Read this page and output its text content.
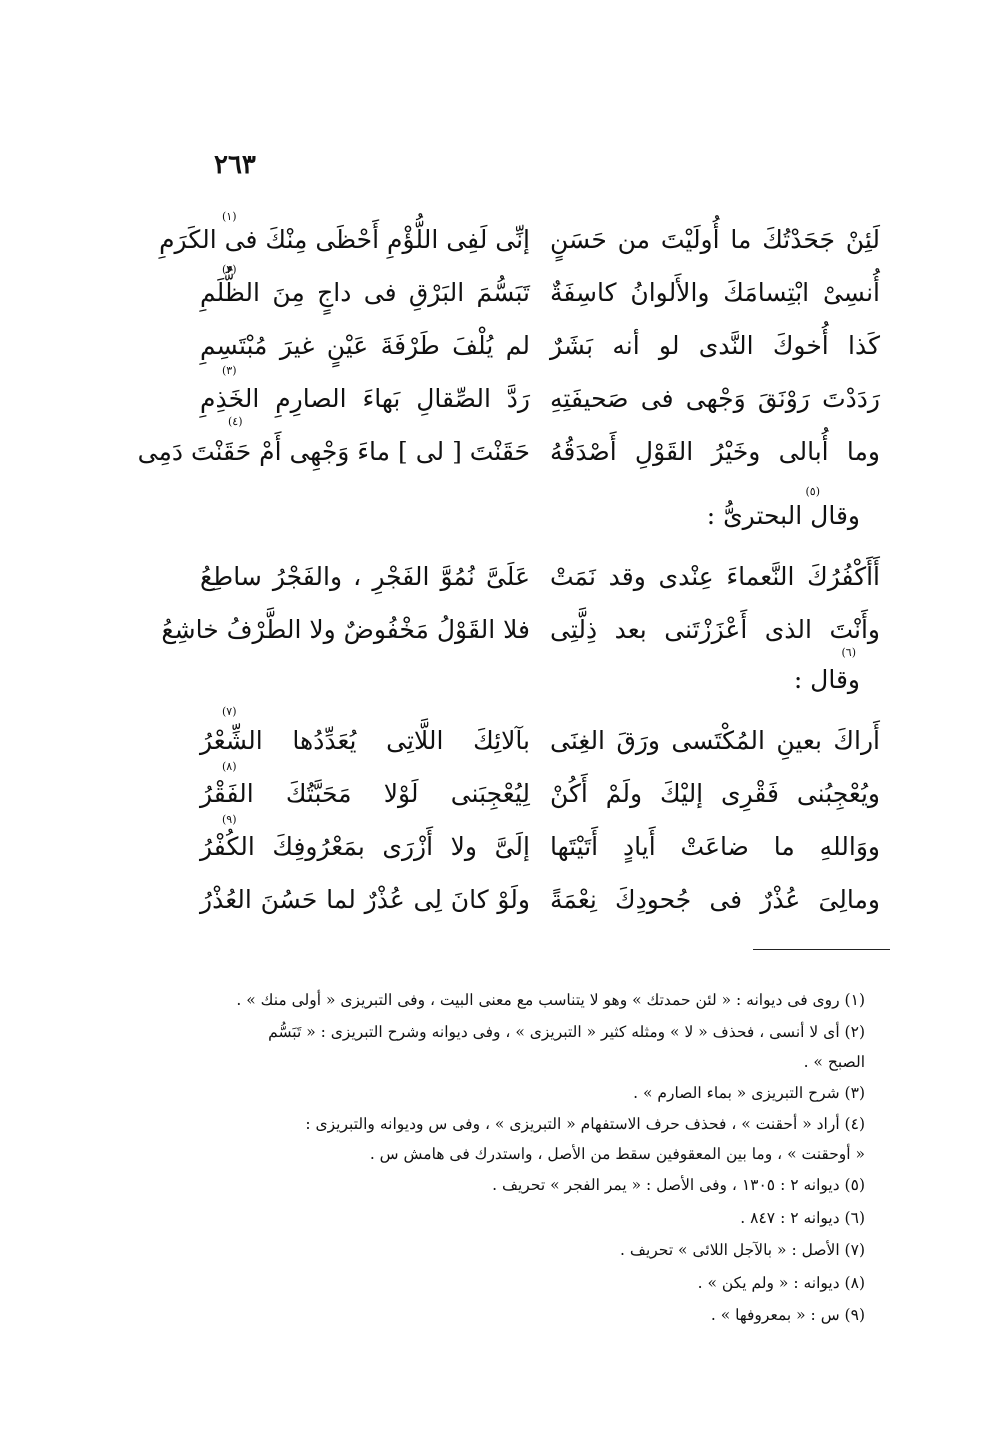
٢٦٣
لَئِنْ جَحَدْتُكَ ما أُولَيْتَ من حَسَنٍ
إنِّى لَفِى اللُّؤْمِ أَحْظَى مِنْكَ فى الكَرَمِ
(١)
أُنسِىْ ابْتِسامَكَ والأَلوانُ كاسِفَةٌ
تَبَسُّمَ البَرْقِ فى داجٍ مِنَ الظُّلَمِ
(٢)
كَذا أُخوكَ النَّدى لو أنه بَشَرٌ
لم يُلْفَ طَرْفَةَ عَيْنٍ غيرَ مُبْتَسِمِ
(٣)
رَدَدْتَ رَوْنَقَ وَجْهى فى صَحيفَتِهِ
رَدَّ الصِّقالِ بَهاءَ الصارِمِ الخَذِمِ
(٤)
وما أُبالى وخَيْرُ القَوْلِ أَصْدَقُهُ
حَقَنْتَ [ لى ] ماءَ وَجْهِى أَمْ حَقَنْتَ دَمِى
وقال البحترىُّ :
(٥)
أَأَكْفُرُكَ النَّعماءَ عِنْدى وقد نَمَتْ
عَلَىَّ نُمُوَّ الفَجْرِ ، والفَجْرُ ساطِعُ
وأَنْتَ الذى أَعْزَزْتَنى بعد ذِلَّتِى
فلا القَوْلُ مَخْفُوضٌ ولا الطَّرْفُ خاشِعُ
وقال :
(٦)
أَراكَ بعينِ المُكْتَسى ورَقَ الغِنَى
بآلائِكَ اللَّاتِى يُعَدِّدُها الشِّعْرُ
(٧)
ويُعْجِبُنى فَقْرِى إليْكَ ولَمْ أَكُنْ
لِيُعْجِبَنى لَوْلا مَحَبَّتُكَ الفَقْرُ
(٨)
ووَاللهِ ما ضاعَتْ أَيادٍ أَتَيْتَها
إلَىَّ ولا أَزْرَى بمَعْرُوفِكَ الكُفْرُ
(٩)
ومالِىَ عُذْرٌ فى جُحودِكَ نِعْمَةً
ولَوْ كانَ لِى عُذْرٌ لما حَسُنَ العُذْرُ

(١) روى فى ديوانه : « لئن حمدتك » وهو لا يتناسب مع معنى البيت ، وفى التبريزى « أولى منك » .

(٢) أى لا أنسى ، فحذف « لا » ومثله كثير « التبريزى » ، وفى ديوانه وشرح التبريزى : « تَبَسُّم

الصبح » .

(٣) شرح التبريزى « بماء الصارم » .

(٤) أراد « أحقنت » ، فحذف حرف الاستفهام « التبريزى » ، وفى س وديوانه والتبريزى :

« أوحقنت » ، وما بين المعقوفين سقط من الأصل ، واستدرك فى هامش س .

(٥) ديوانه ٢ : ١٣٠٥ ، وفى الأصل : « يمر الفجر » تحريف .

(٦) ديوانه ٢ : ٨٤٧ .

(٧) الأصل : « بالآجل اللائى » تحريف .

(٨) ديوانه : « ولم يكن » .

(٩) س : « بمعروفها » .
